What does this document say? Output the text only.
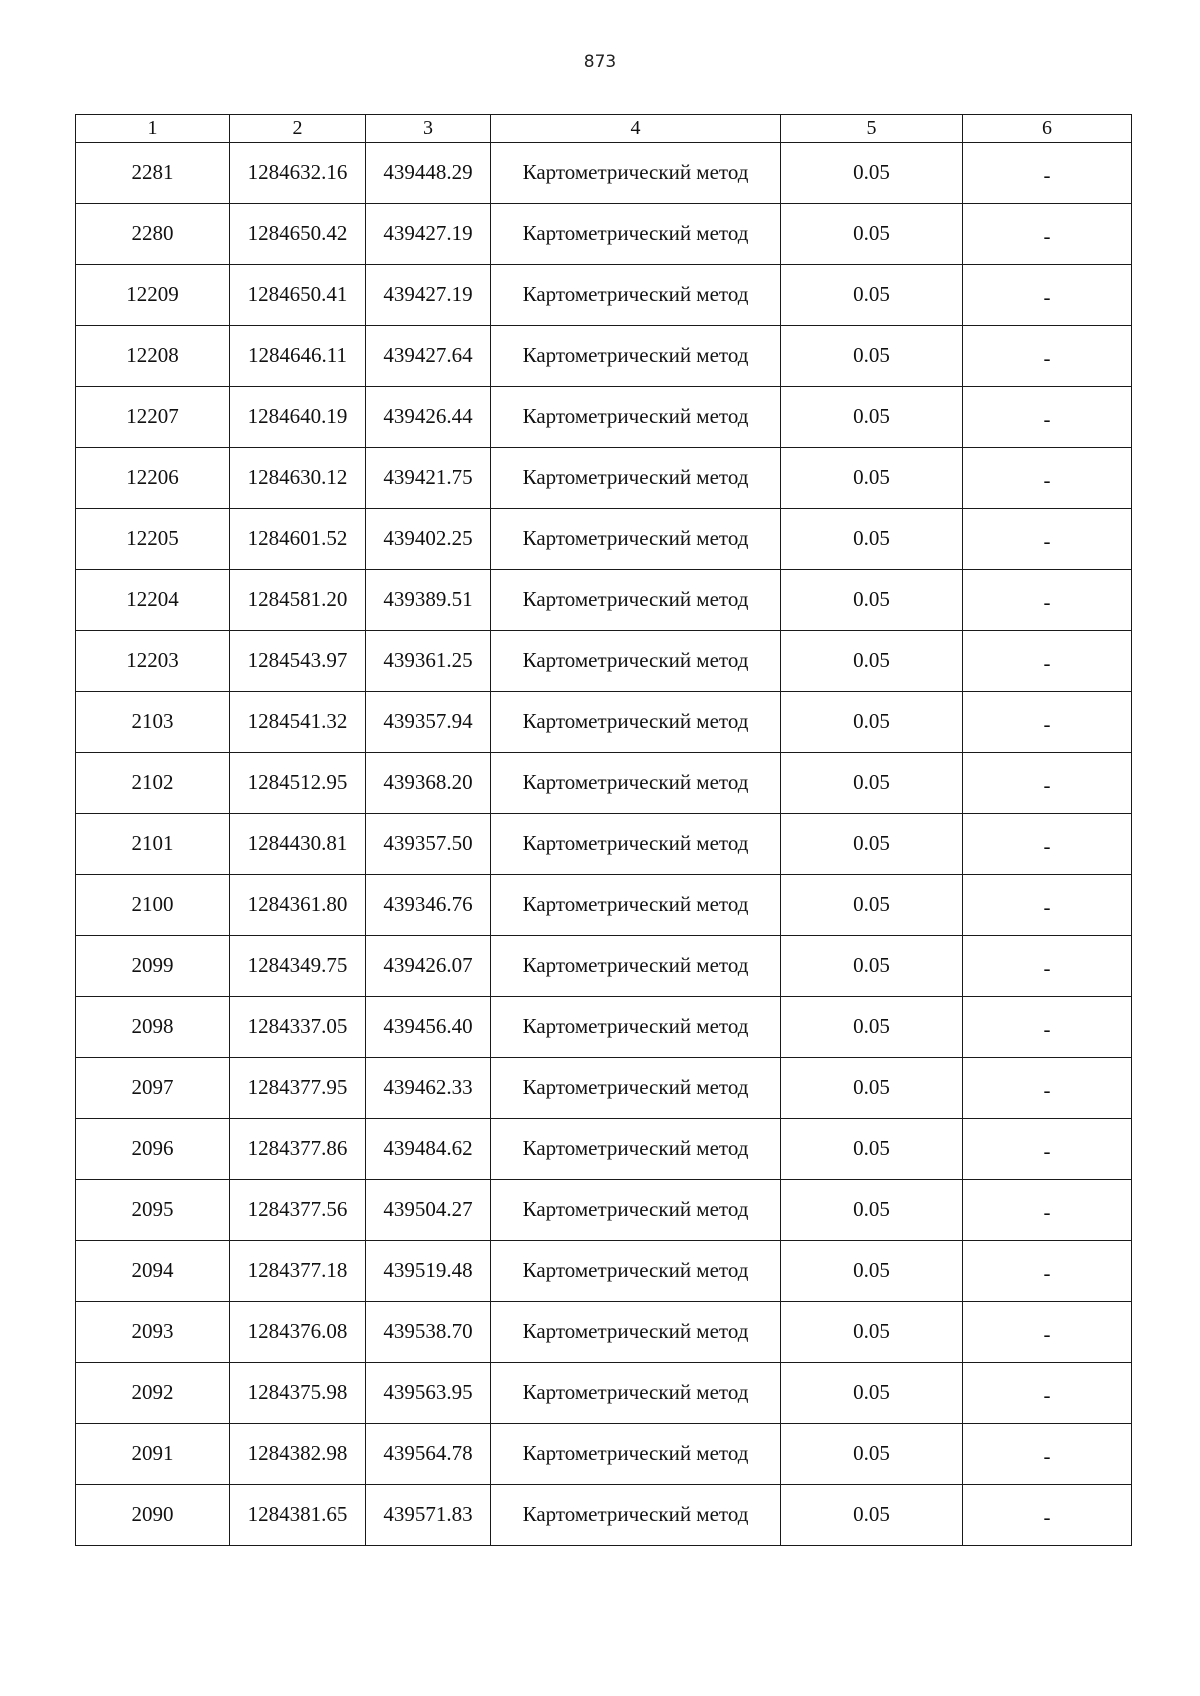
873
1	2	3	4	5	6
2281	1284632.16	439448.29	Картометрический метод	0.05	-
2280	1284650.42	439427.19	Картометрический метод	0.05	-
12209	1284650.41	439427.19	Картометрический метод	0.05	-
12208	1284646.11	439427.64	Картометрический метод	0.05	-
12207	1284640.19	439426.44	Картометрический метод	0.05	-
12206	1284630.12	439421.75	Картометрический метод	0.05	-
12205	1284601.52	439402.25	Картометрический метод	0.05	-
12204	1284581.20	439389.51	Картометрический метод	0.05	-
12203	1284543.97	439361.25	Картометрический метод	0.05	-
2103	1284541.32	439357.94	Картометрический метод	0.05	-
2102	1284512.95	439368.20	Картометрический метод	0.05	-
2101	1284430.81	439357.50	Картометрический метод	0.05	-
2100	1284361.80	439346.76	Картометрический метод	0.05	-
2099	1284349.75	439426.07	Картометрический метод	0.05	-
2098	1284337.05	439456.40	Картометрический метод	0.05	-
2097	1284377.95	439462.33	Картометрический метод	0.05	-
2096	1284377.86	439484.62	Картометрический метод	0.05	-
2095	1284377.56	439504.27	Картометрический метод	0.05	-
2094	1284377.18	439519.48	Картометрический метод	0.05	-
2093	1284376.08	439538.70	Картометрический метод	0.05	-
2092	1284375.98	439563.95	Картометрический метод	0.05	-
2091	1284382.98	439564.78	Картометрический метод	0.05	-
2090	1284381.65	439571.83	Картометрический метод	0.05	-
